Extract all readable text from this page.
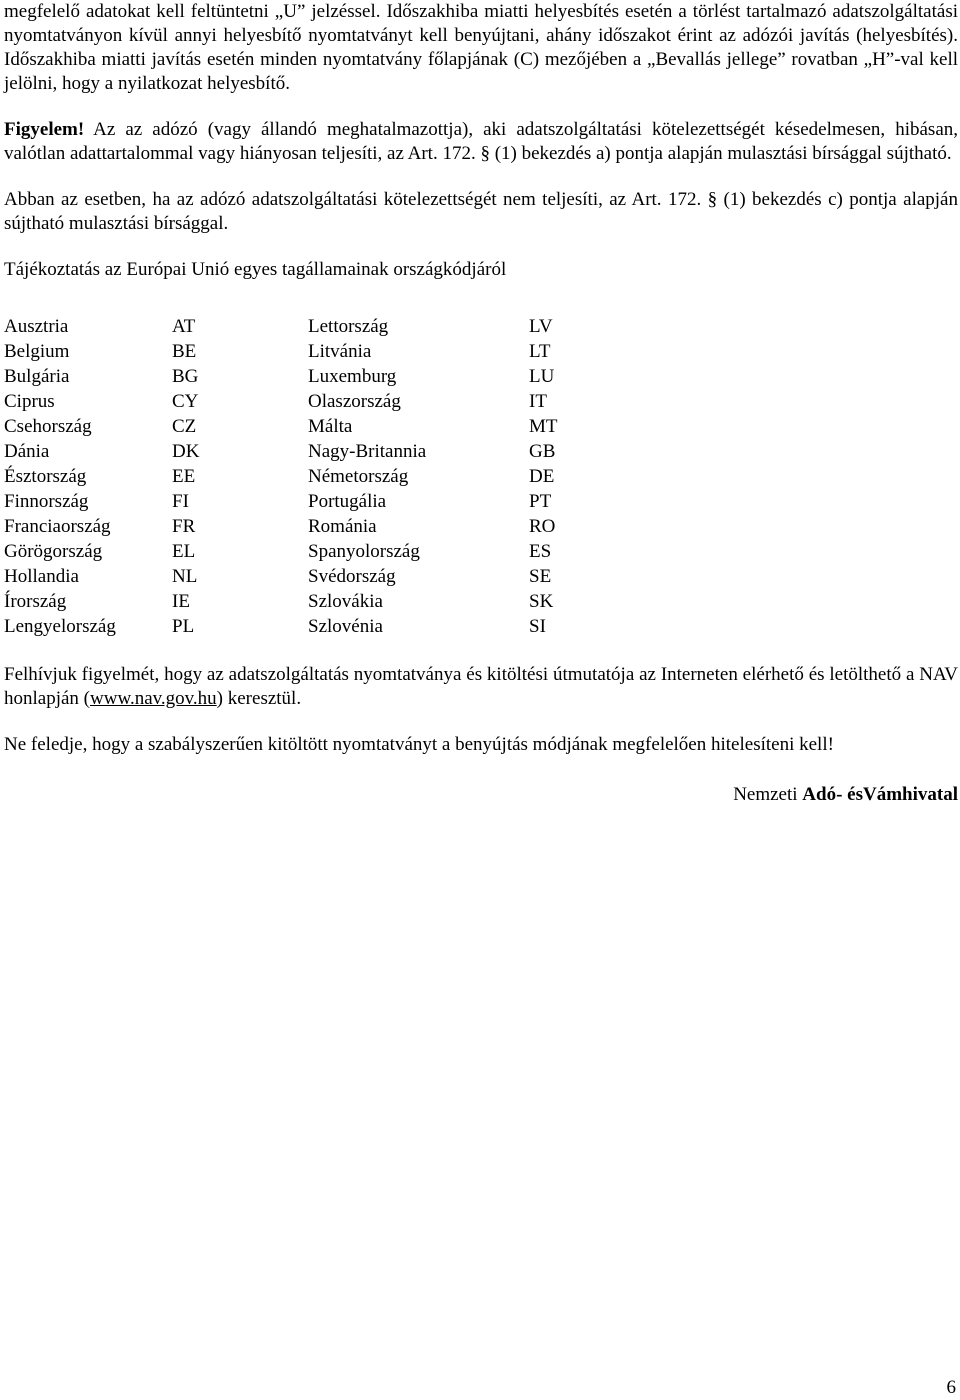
megfelelő adatokat kell feltüntetni „U” jelzéssel. Időszakhiba miatti helyesbítés esetén a törlést tartalmazó adatszolgáltatási nyomtatványon kívül annyi helyesbítő nyomtatványt kell benyújtani, ahány időszakot érint az adózói javítás (helyesbítés). Időszakhiba miatti javítás esetén minden nyomtatvány főlapjának (C) mezőjében a „Bevallás jellege” rovatban „H”-val kell jelölni, hogy a nyilatkozat helyesbítő.

Figyelem! Az az adózó (vagy állandó meghatalmazottja), aki adatszolgáltatási kötelezettségét késedelmesen, hibásan, valótlan adattartalommal vagy hiányosan teljesíti, az Art. 172. § (1) bekezdés a) pontja alapján mulasztási bírsággal sújtható.

Abban az esetben, ha az adózó adatszolgáltatási kötelezettségét nem teljesíti, az Art. 172. § (1) bekezdés c) pontja alapján sújtható mulasztási bírsággal.

Tájékoztatás az Európai Unió egyes tagállamainak országkódjáról

Ausztria	AT	Lettország	LV
Belgium	BE	Litvánia	LT
Bulgária	BG	Luxemburg	LU
Ciprus	CY	Olaszország	IT
Csehország	CZ	Málta	MT
Dánia	DK	Nagy-Britannia	GB
Észtország	EE	Németország	DE
Finnország	FI	Portugália	PT
Franciaország	FR	Románia	RO
Görögország	EL	Spanyolország	ES
Hollandia	NL	Svédország	SE
Írország	IE	Szlovákia	SK
Lengyelország	PL	Szlovénia	SI

Felhívjuk figyelmét, hogy az adatszolgáltatás nyomtatványa és kitöltési útmutatója az Interneten elérhető és letölthető a NAV honlapján (www.nav.gov.hu) keresztül.

Ne feledje, hogy a szabályszerűen kitöltött nyomtatványt a benyújtás módjának megfelelően hitelesíteni kell!

Nemzeti Adó- ésVámhivatal
6
